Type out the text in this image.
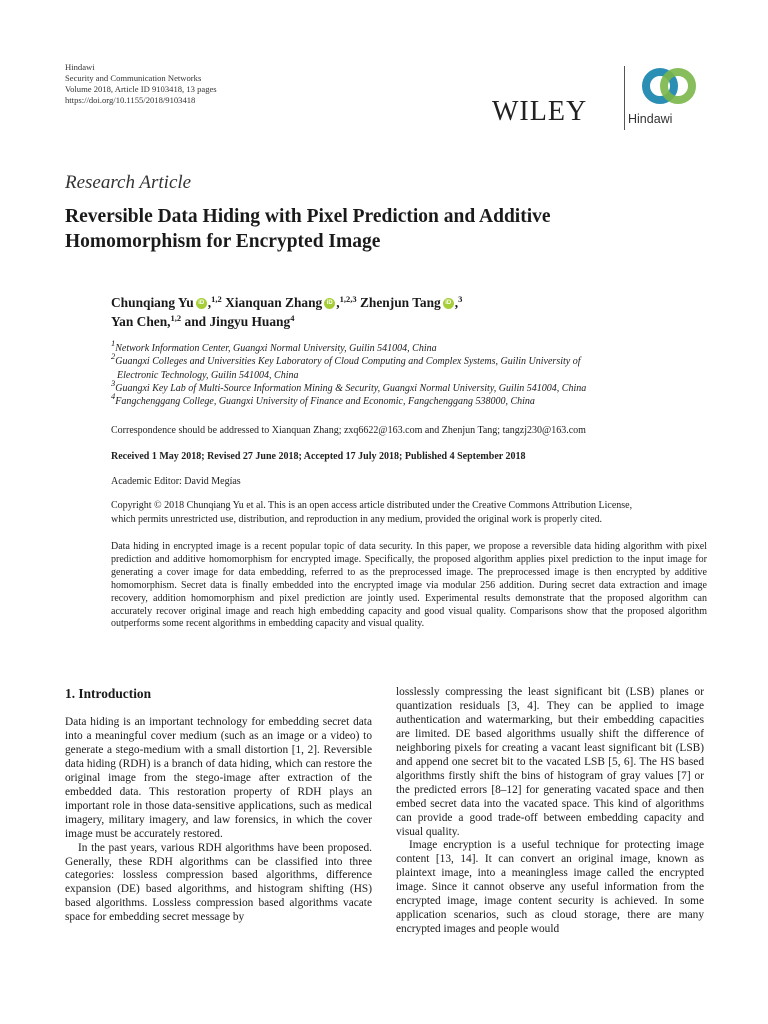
Hindawi
Security and Communication Networks
Volume 2018, Article ID 9103418, 13 pages
https://doi.org/10.1155/2018/9103418	WILEY	Hindawi
Research Article
Reversible Data Hiding with Pixel Prediction and Additive
Homomorphism for Encrypted Image
Chunqiang Yu iD ,$^{1,2}$ Xianquan Zhang iD ,$^{1,2,3}$ Zhenjun Tang iD ,$^3$
Yan Chen,$^{1,2}$ and Jingyu Huang$^4$
$^1$Network Information Center, Guangxi Normal University, Guilin 541004, China
$^2$Guangxi Colleges and Universities Key Laboratory of Cloud Computing and Complex Systems, Guilin University of
Electronic Technology, Guilin 541004, China
$^3$Guangxi Key Lab of Multi-Source Information Mining & Security, Guangxi Normal University, Guilin 541004, China
$^4$Fangchenggang College, Guangxi University of Finance and Economic, Fangchenggang 538000, China
Correspondence should be addressed to Xianquan Zhang; zxq6622@163.com and Zhenjun Tang; tangzj230@163.com
Received 1 May 2018; Revised 27 June 2018; Accepted 17 July 2018; Published 4 September 2018
Academic Editor: David Megías
Copyright © 2018 Chunqiang Yu et al. This is an open access article distributed under the Creative Commons Attribution License,
which permits unrestricted use, distribution, and reproduction in any medium, provided the original work is properly cited.
Data hiding in encrypted image is a recent popular topic of data security. In this paper, we propose a reversible data hiding algorithm with pixel prediction and additive homomorphism for encrypted image. Specifically, the proposed algorithm applies pixel prediction to the input image for generating a cover image for data embedding, referred to as the preprocessed image. The preprocessed image is then encrypted by additive homomorphism. Secret data is finally embedded into the encrypted image via modular 256 addition. During secret data extraction and image recovery, addition homomorphism and pixel prediction are jointly used. Experimental results demonstrate that the proposed algorithm can accurately recover original image and reach high embedding capacity and good visual quality. Comparisons show that the proposed algorithm outperforms some recent algorithms in embedding capacity and visual quality.
1. Introduction

Data hiding is an important technology for embedding secret data into a meaningful cover medium (such as an image or a video) to generate a stego-medium with a small distortion [1, 2]. Reversible data hiding (RDH) is a branch of data hiding, which can restore the original image from the stego-image after extraction of the embedded data. This restoration property of RDH plays an important role in those data-sensitive applications, such as medical imagery, military imagery, and law forensics, in which the cover image must be accurately restored.

In the past years, various RDH algorithms have been proposed. Generally, these RDH algorithms can be classified into three categories: lossless compression based algorithms, difference expansion (DE) based algorithms, and histogram shifting (HS) based algorithms. Lossless compression based algorithms vacate space for embedding secret message by

losslessly compressing the least significant bit (LSB) planes or quantization residuals [3, 4]. They can be applied to image authentication and watermarking, but their embedding capacities are limited. DE based algorithms usually shift the difference of neighboring pixels for creating a vacant least significant bit (LSB) and append one secret bit to the vacated LSB [5, 6]. The HS based algorithms firstly shift the bins of histogram of gray values [7] or the predicted errors [8–12] for generating vacated space and then embed secret data into the vacated space. This kind of algorithms can provide a good trade-off between embedding capacity and visual quality.

Image encryption is a useful technique for protecting image content [13, 14]. It can convert an original image, known as plaintext image, into a meaningless image called the encrypted image. Since it cannot observe any useful information from the encrypted image, image content security is achieved. In some application scenarios, such as cloud storage, there are many encrypted images and people would
